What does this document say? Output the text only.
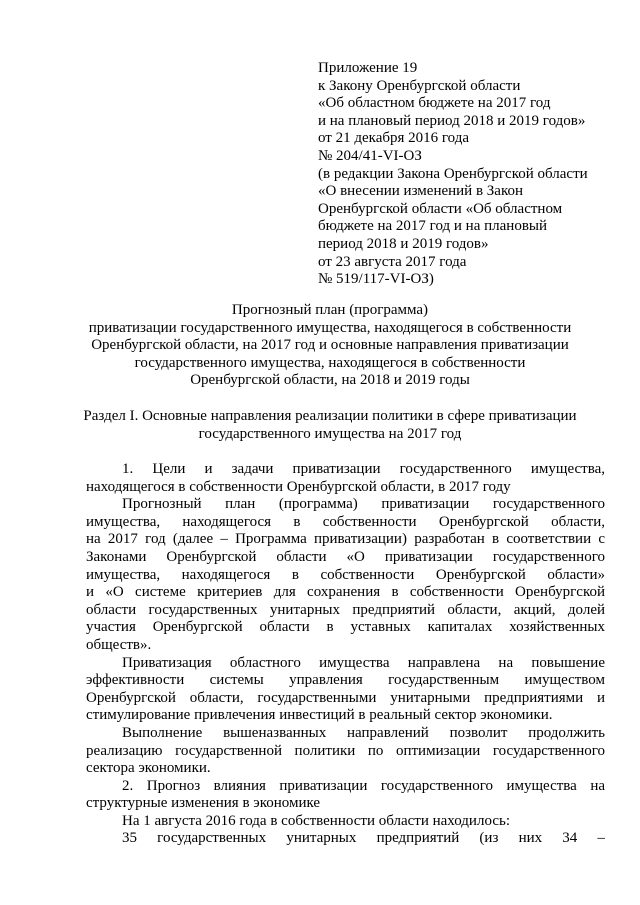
Приложение 19
к Закону Оренбургской области
«Об областном бюджете на 2017 год
и на плановый период 2018 и 2019 годов»
от 21 декабря 2016 года
№ 204/41-VI-ОЗ
(в редакции Закона Оренбургской области
«О внесении изменений в Закон
Оренбургской области «Об областном
бюджете на 2017 год и на плановый
период 2018 и 2019 годов»
от 23 августа 2017 года
№ 519/117-VI-ОЗ)
Прогнозный план (программа)
приватизации государственного имущества, находящегося в собственности
Оренбургской области, на 2017 год и основные направления приватизации
государственного имущества, находящегося в собственности
Оренбургской области, на 2018 и 2019 годы
Раздел I. Основные направления реализации политики в сфере приватизации
государственного имущества на 2017 год
1. Цели и задачи приватизации государственного имущества,
находящегося в собственности Оренбургской области, в 2017 году
Прогнозный план (программа) приватизации государственного
имущества, находящегося в собственности Оренбургской области,
на 2017 год (далее – Программа приватизации) разработан в соответствии с
Законами Оренбургской области «О приватизации государственного
имущества, находящегося в собственности Оренбургской области»
и «О системе критериев для сохранения в собственности Оренбургской
области государственных унитарных предприятий области, акций, долей
участия Оренбургской области в уставных капиталах хозяйственных
обществ».
Приватизация областного имущества направлена на повышение
эффективности системы управления государственным имуществом
Оренбургской области, государственными унитарными предприятиями и
стимулирование привлечения инвестиций в реальный сектор экономики.
Выполнение вышеназванных направлений позволит продолжить
реализацию государственной политики по оптимизации государственного
сектора экономики.
2. Прогноз влияния приватизации государственного имущества на
структурные изменения в экономике
На 1 августа 2016 года в собственности области находилось:
35 государственных унитарных предприятий (из них 34 –
